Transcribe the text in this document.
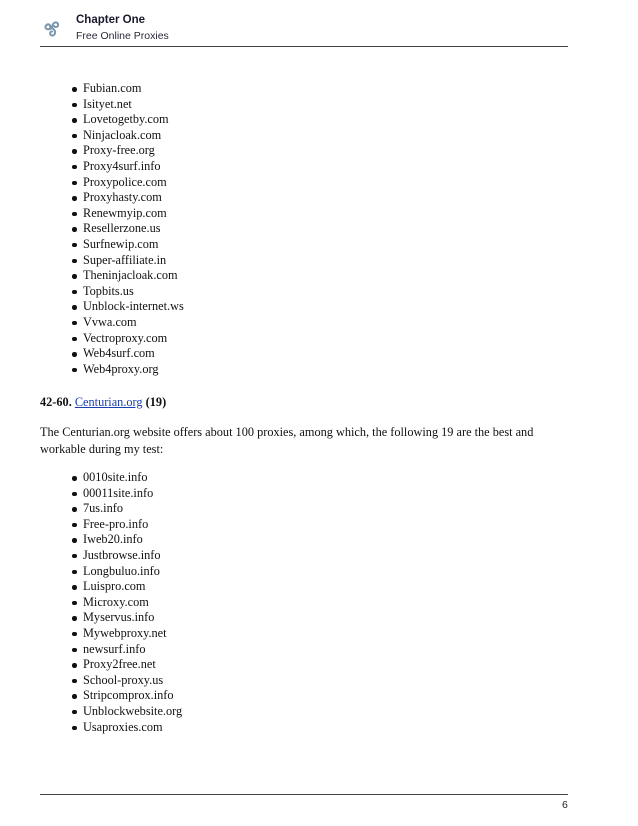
Chapter One
Free Online Proxies
Fubian.com
Isityet.net
Lovetogetby.com
Ninjacloak.com
Proxy-free.org
Proxy4surf.info
Proxypolice.com
Proxyhasty.com
Renewmyip.com
Resellerzone.us
Surfnewip.com
Super-affiliate.in
Theninjacloak.com
Topbits.us
Unblock-internet.ws
Vvwa.com
Vectroproxy.com
Web4surf.com
Web4proxy.org
42-60. Centurian.org (19)
The Centurian.org website offers about 100 proxies, among which, the following 19 are the best and workable during my test:
0010site.info
00011site.info
7us.info
Free-pro.info
Iweb20.info
Justbrowse.info
Longbuluo.info
Luispro.com
Microxy.com
Myservus.info
Mywebproxy.net
newsurf.info
Proxy2free.net
School-proxy.us
Stripcomprox.info
Unblockwebsite.org
Usaproxies.com
6
